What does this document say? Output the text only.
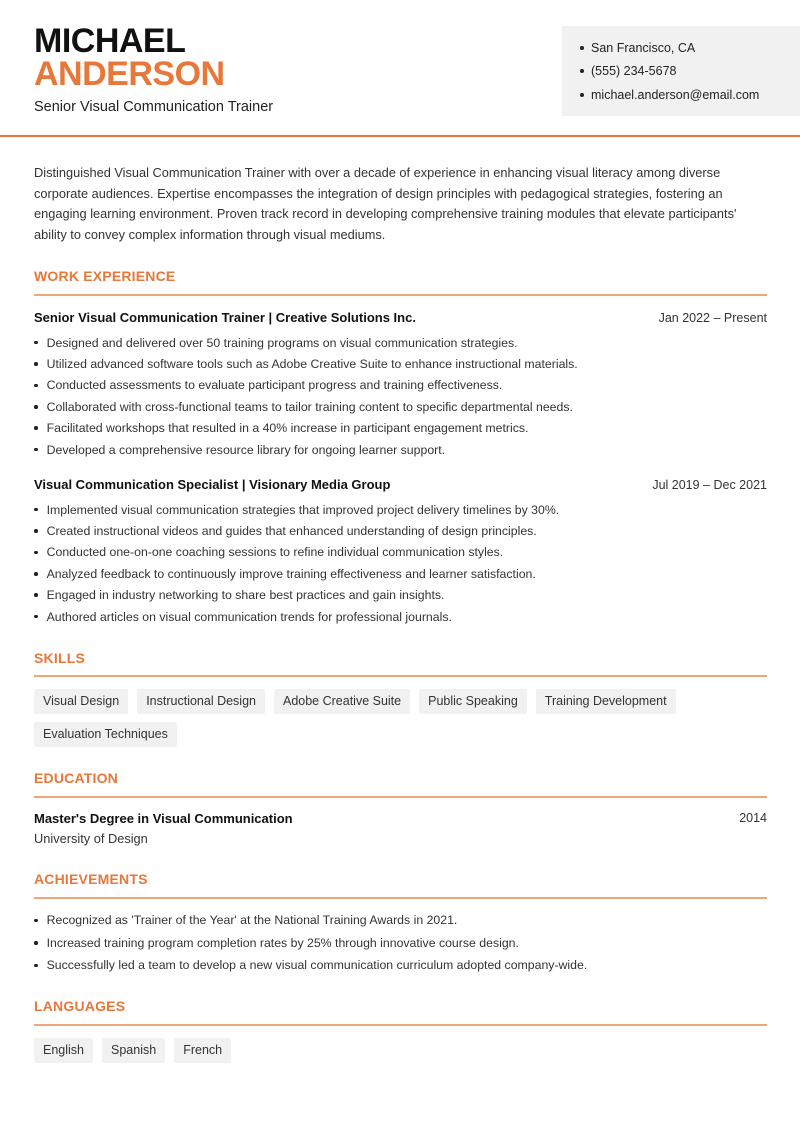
MICHAEL
ANDERSON
Senior Visual Communication Trainer
San Francisco, CA
(555) 234-5678
michael.anderson@email.com
Distinguished Visual Communication Trainer with over a decade of experience in enhancing visual literacy among diverse corporate audiences. Expertise encompasses the integration of design principles with pedagogical strategies, fostering an engaging learning environment. Proven track record in developing comprehensive training modules that elevate participants' ability to convey complex information through visual mediums.
WORK EXPERIENCE
Senior Visual Communication Trainer | Creative Solutions Inc.	Jan 2022 – Present
Designed and delivered over 50 training programs on visual communication strategies.
Utilized advanced software tools such as Adobe Creative Suite to enhance instructional materials.
Conducted assessments to evaluate participant progress and training effectiveness.
Collaborated with cross-functional teams to tailor training content to specific departmental needs.
Facilitated workshops that resulted in a 40% increase in participant engagement metrics.
Developed a comprehensive resource library for ongoing learner support.
Visual Communication Specialist | Visionary Media Group	Jul 2019 – Dec 2021
Implemented visual communication strategies that improved project delivery timelines by 30%.
Created instructional videos and guides that enhanced understanding of design principles.
Conducted one-on-one coaching sessions to refine individual communication styles.
Analyzed feedback to continuously improve training effectiveness and learner satisfaction.
Engaged in industry networking to share best practices and gain insights.
Authored articles on visual communication trends for professional journals.
SKILLS
Visual Design	Instructional Design	Adobe Creative Suite	Public Speaking	Training Development
Evaluation Techniques
EDUCATION
Master's Degree in Visual Communication	2014
University of Design
ACHIEVEMENTS
Recognized as 'Trainer of the Year' at the National Training Awards in 2021.
Increased training program completion rates by 25% through innovative course design.
Successfully led a team to develop a new visual communication curriculum adopted company-wide.
LANGUAGES
English	Spanish	French
